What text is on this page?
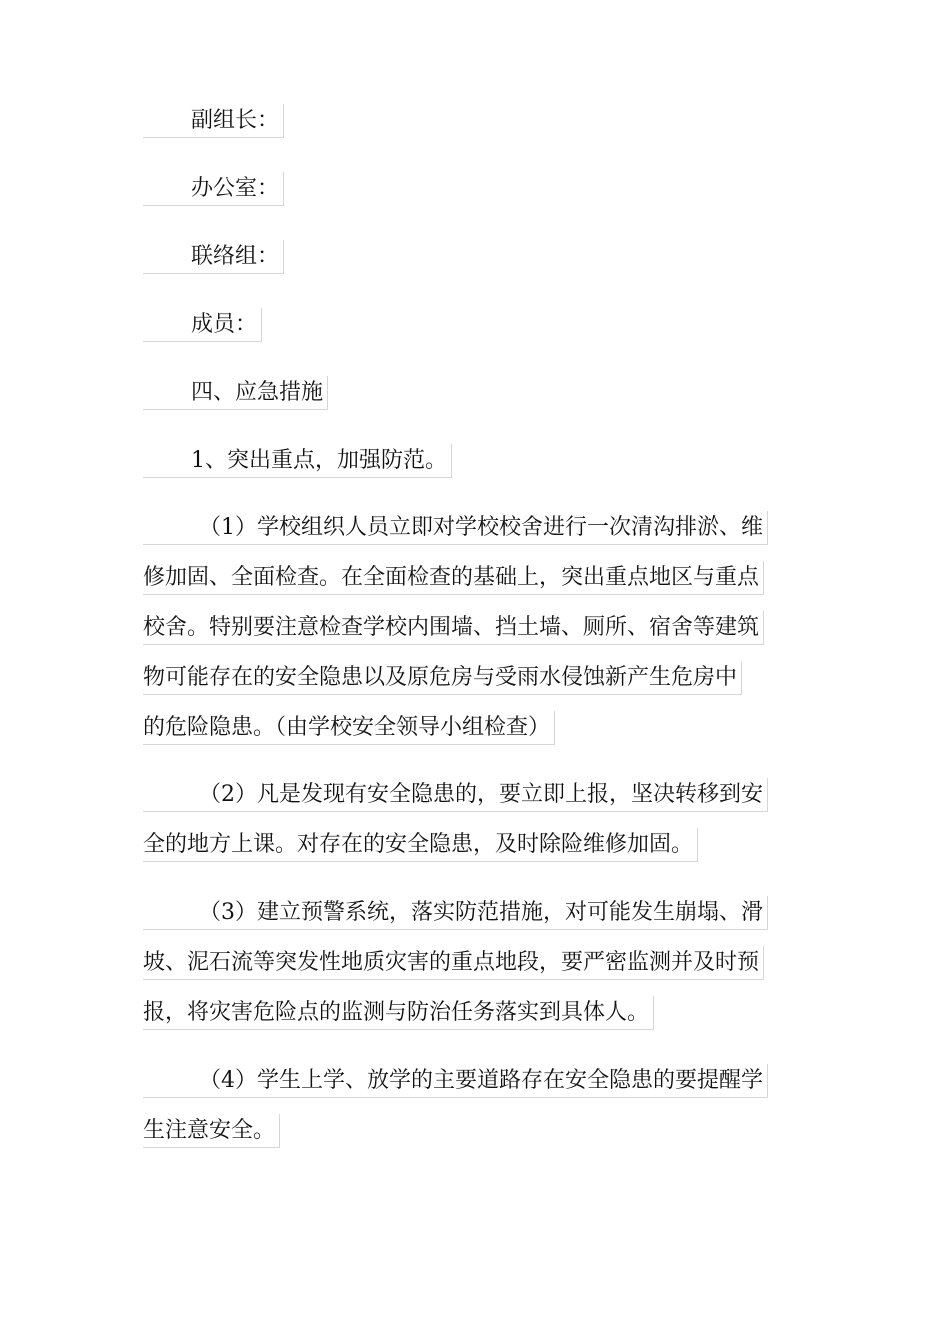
副组长：
办公室：
联络组：
成员：
四、应急措施
1、突出重点，加强防范。
（1）学校组织人员立即对学校校舍进行一次清沟排淤、维
修加固、全面检查。在全面检查的基础上，突出重点地区与重点
校舍。特别要注意检查学校内围墙、挡土墙、厕所、宿舍等建筑
物可能存在的安全隐患以及原危房与受雨水侵蚀新产生危房中
的危险隐患。（由学校安全领导小组检查）
（2）凡是发现有安全隐患的，要立即上报，坚决转移到安
全的地方上课。对存在的安全隐患，及时除险维修加固。
（3）建立预警系统，落实防范措施，对可能发生崩塌、滑
坡、泥石流等突发性地质灾害的重点地段，要严密监测并及时预
报，将灾害危险点的监测与防治任务落实到具体人。
（4）学生上学、放学的主要道路存在安全隐患的要提醒学
生注意安全。
